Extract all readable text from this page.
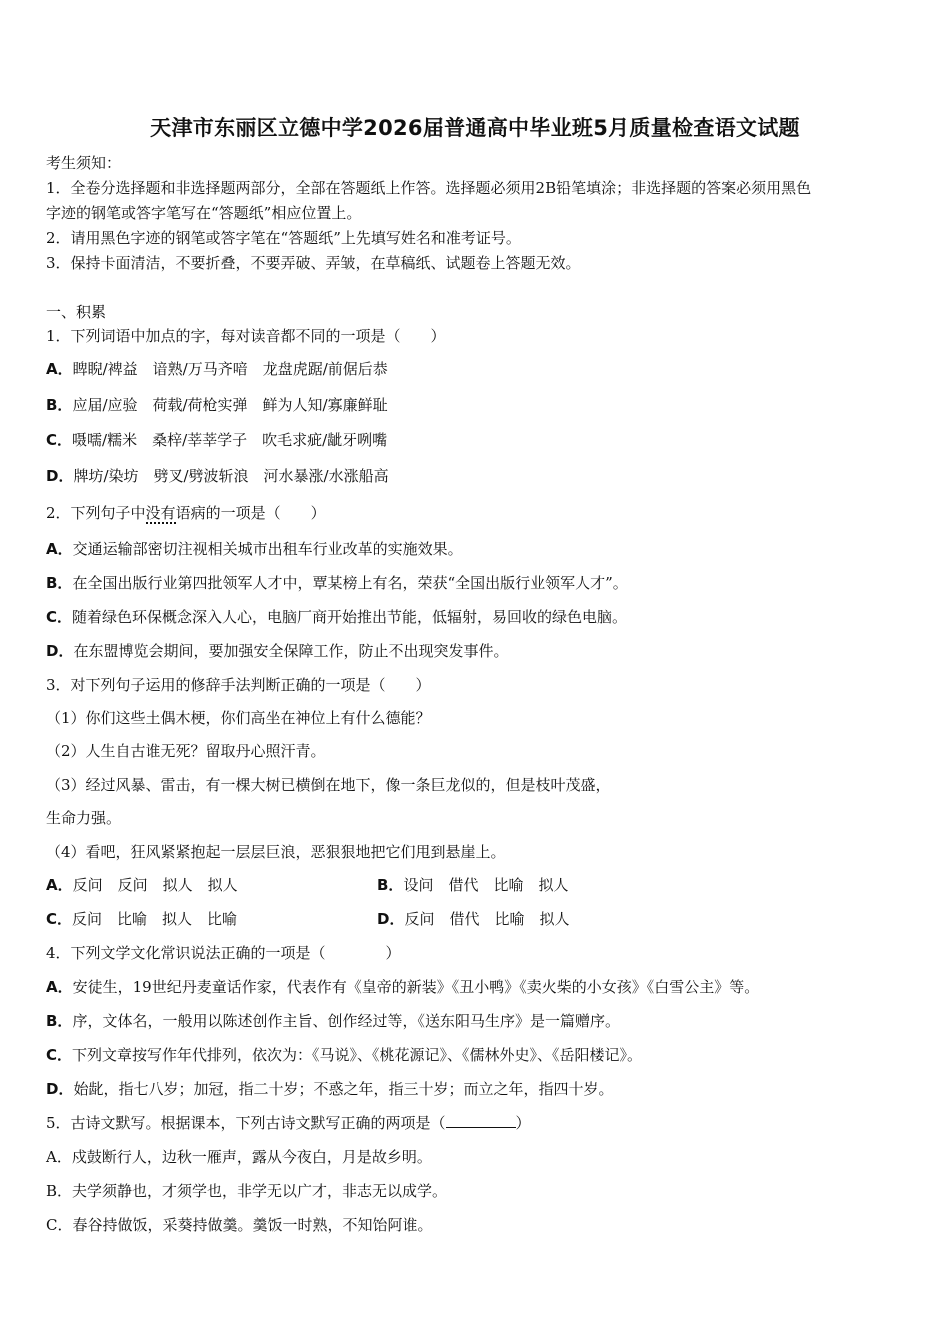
天津市东丽区立德中学2026届普通高中毕业班5月质量检查语文试题
考生须知：
1．全卷分选择题和非选择题两部分，全部在答题纸上作答。选择题必须用2B铅笔填涂；非选择题的答案必须用黑色
字迹的钢笔或答字笔写在“答题纸”相应位置上。
2．请用黑色字迹的钢笔或答字笔在“答题纸”上先填写姓名和准考证号。
3．保持卡面清洁，不要折叠，不要弄破、弄皱，在草稿纸、试题卷上答题无效。
一、积累
1．下列词语中加点的字，每对读音都不同的一项是（　　）
A．睥睨/裨益　谙熟/万马齐喑　龙盘虎踞/前倨后恭
B．应届/应验　荷载/荷枪实弹　鲜为人知/寡廉鲜耻
C．嗫嚅/糯米　桑梓/莘莘学子　吹毛求疵/龇牙咧嘴
D．牌坊/染坊　劈叉/劈波斩浪　河水暴涨/水涨船高
2．下列句子中没有语病的一项是（　　）
A．交通运输部密切注视相关城市出租车行业改革的实施效果。
B．在全国出版行业第四批领军人才中，覃某榜上有名，荣获“全国出版行业领军人才”。
C．随着绿色环保概念深入人心，电脑厂商开始推出节能，低辐射，易回收的绿色电脑。
D．在东盟博览会期间，要加强安全保障工作，防止不出现突发事件。
3．对下列句子运用的修辞手法判断正确的一项是（　　）
（1）你们这些土偶木梗，你们高坐在神位上有什么德能？
（2）人生自古谁无死？留取丹心照汗青。
（3）经过风暴、雷击，有一棵大树已横倒在地下，像一条巨龙似的，但是枝叶茂盛，
生命力强。
（4）看吧，狂风紧紧抱起一层层巨浪，恶狠狠地把它们甩到悬崖上。
A．反问　反问　拟人　拟人	B．设问　借代　比喻　拟人
C．反问　比喻　拟人　比喻	D．反问　借代　比喻　拟人
4．下列文学文化常识说法正确的一项是（　　　　）
A．安徒生，19世纪丹麦童话作家，代表作有《皇帝的新装》《丑小鸭》《卖火柴的小女孩》《白雪公主》等。
B．序，文体名，一般用以陈述创作主旨、创作经过等，《送东阳马生序》是一篇赠序。
C．下列文章按写作年代排列，依次为：《马说》、《桃花源记》、《儒林外史》、《岳阳楼记》。
D．始龀，指七八岁；加冠，指二十岁；不惑之年，指三十岁；而立之年，指四十岁。
5．古诗文默写。根据课本，下列古诗文默写正确的两项是（	）
A．戍鼓断行人，边秋一雁声，露从今夜白，月是故乡明。
B．夫学须静也，才须学也，非学无以广才，非志无以成学。
C．春谷持做饭，采葵持做羹。羹饭一时熟，不知饴阿谁。
